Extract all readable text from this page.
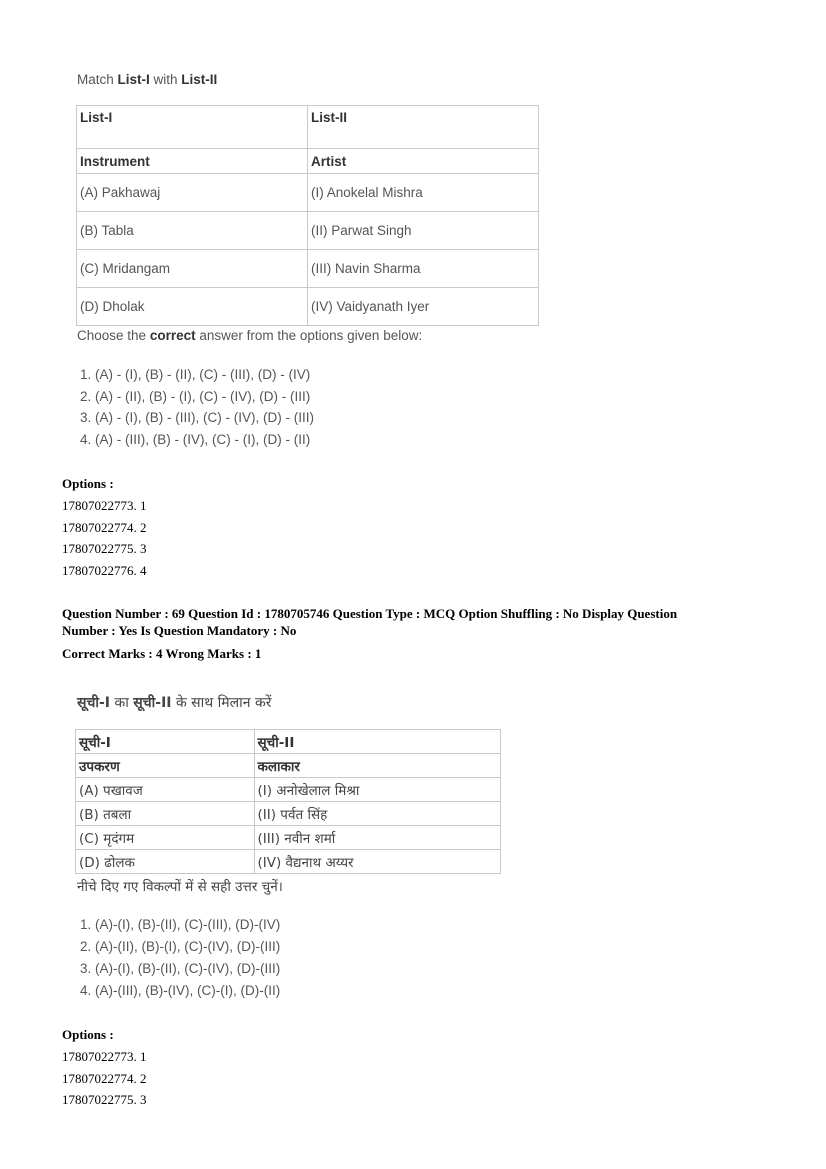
Match List-I with List-II
List-I	List-II
Instrument	Artist
(A) Pakhawaj	(I) Anokelal Mishra
(B) Tabla	(II) Parwat Singh
(C) Mridangam	(III) Navin Sharma
(D) Dholak	(IV) Vaidyanath Iyer
Choose the correct answer from the options given below:
1. (A) - (I), (B) - (II), (C) - (III), (D) - (IV)
2. (A) - (II), (B) - (I), (C) - (IV), (D) - (III)
3. (A) - (I), (B) - (III), (C) - (IV), (D) - (III)
4. (A) - (III), (B) - (IV), (C) - (I), (D) - (II)
Options :
17807022773. 1
17807022774. 2
17807022775. 3
17807022776. 4
Question Number : 69 Question Id : 1780705746 Question Type : MCQ Option Shuffling : No Display Question
Number : Yes Is Question Mandatory : No
Correct Marks : 4 Wrong Marks : 1
सूची-I का सूची-II के साथ मिलान करें
सूची-I	सूची-II
उपकरण	कलाकार
(A) पखावज	(I) अनोखेलाल मिश्रा
(B) तबला	(II) पर्वत सिंह
(C) मृदंगम	(III) नवीन शर्मा
(D) ढोलक	(IV) वैद्यनाथ अय्यर
नीचे दिए गए विकल्पों में से सही उत्तर चुनें।
1. (A)-(I), (B)-(II), (C)-(III), (D)-(IV)
2. (A)-(II), (B)-(I), (C)-(IV), (D)-(III)
3. (A)-(I), (B)-(II), (C)-(IV), (D)-(III)
4. (A)-(III), (B)-(IV), (C)-(I), (D)-(II)
Options :
17807022773. 1
17807022774. 2
17807022775. 3
